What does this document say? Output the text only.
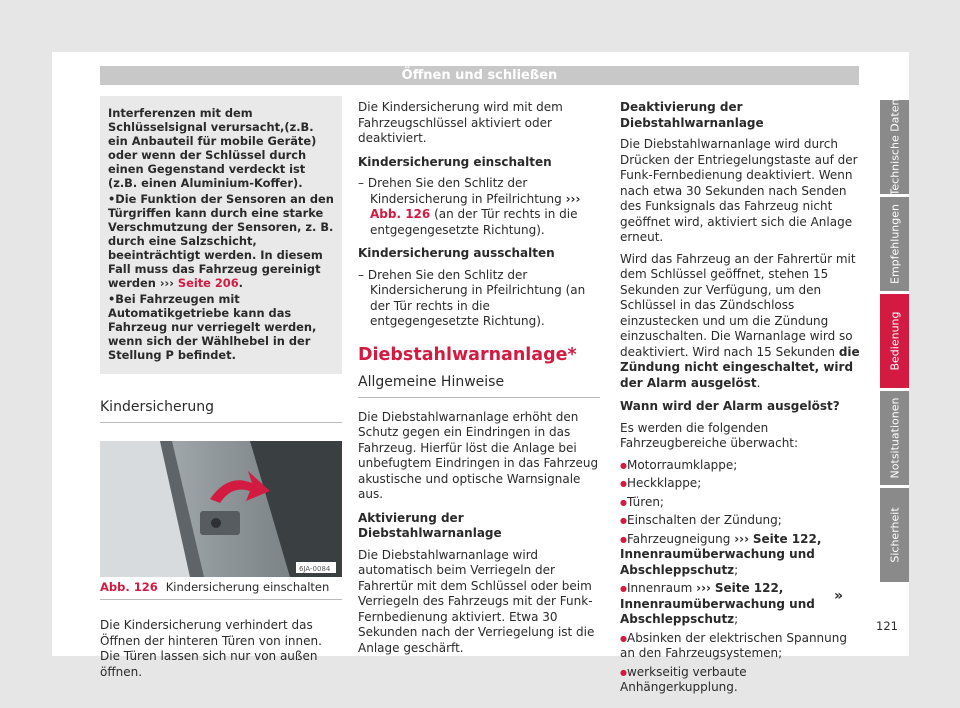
Öffnen und schließen

Interferenzen mit dem Schlüsselsignal verursacht,(z.B. ein Anbauteil für mobile Geräte) oder wenn der Schlüssel durch einen Gegenstand verdeckt ist (z.B. einen Aluminium-Koffer).

• Die Funktion der Sensoren an den Türgriffen kann durch eine starke Verschmutzung der Sensoren, z. B. durch eine Salzschicht, beeinträchtigt werden. In diesem Fall muss das Fahrzeug gereinigt werden ››› Seite 206.

• Bei Fahrzeugen mit Automatikgetriebe kann das Fahrzeug nur verriegelt werden, wenn sich der Wählhebel in der Stellung P befindet.

Kindersicherung
6JA-0084
Abb. 126 Kindersicherung einschalten

Die Kindersicherung verhindert das Öffnen der hinteren Türen von innen. Die Türen lassen sich nur von außen öffnen.

Die Kindersicherung wird mit dem Fahrzeugschlüssel aktiviert oder deaktiviert.

Kindersicherung einschalten

– Drehen Sie den Schlitz der Kindersicherung in Pfeilrichtung ››› Abb. 126 (an der Tür rechts in die entgegengesetzte Richtung).

Kindersicherung ausschalten

– Drehen Sie den Schlitz der Kindersicherung in Pfeilrichtung (an der Tür rechts in die entgegengesetzte Richtung).

Diebstahlwarnanlage*
Allgemeine Hinweise

Die Diebstahlwarnanlage erhöht den Schutz gegen ein Eindringen in das Fahrzeug. Hierfür löst die Anlage bei unbefugtem Eindringen in das Fahrzeug akustische und optische Warnsignale aus.

Aktivierung der Diebstahlwarnanlage

Die Diebstahlwarnanlage wird automatisch beim Verriegeln der Fahrertür mit dem Schlüssel oder beim Verriegeln des Fahrzeugs mit der Funk-Fernbedienung aktiviert. Etwa 30 Sekunden nach der Verriegelung ist die Anlage geschärft.

Deaktivierung der Diebstahlwarnanlage

Die Diebstahlwarnanlage wird durch Drücken der Entriegelungstaste auf der Funk-Fernbedienung deaktiviert. Wenn nach etwa 30 Sekunden nach Senden des Funksignals das Fahrzeug nicht geöffnet wird, aktiviert sich die Anlage erneut.

Wird das Fahrzeug an der Fahrertür mit dem Schlüssel geöffnet, stehen 15 Sekunden zur Verfügung, um den Schlüssel in das Zündschloss einzustecken und um die Zündung einzuschalten. Die Warnanlage wird so deaktiviert. Wird nach 15 Sekunden die Zündung nicht eingeschaltet, wird der Alarm ausgelöst.

Wann wird der Alarm ausgelöst?

Es werden die folgenden Fahrzeugbereiche überwacht:

● Motorraumklappe;
● Heckklappe;
● Türen;
● Einschalten der Zündung;
● Fahrzeugneigung ››› Seite 122, Innenraumüberwachung und Abschleppschutz;
● Innenraum ››› Seite 122, Innenraumüberwachung und Abschleppschutz;
● Absinken der elektrischen Spannung an den Fahrzeugsystemen;
● werkseitig verbaute Anhängerkupplung.
Technische Daten
Empfehlungen
Bedienung
Notsituationen
Sicherheit
»
121
